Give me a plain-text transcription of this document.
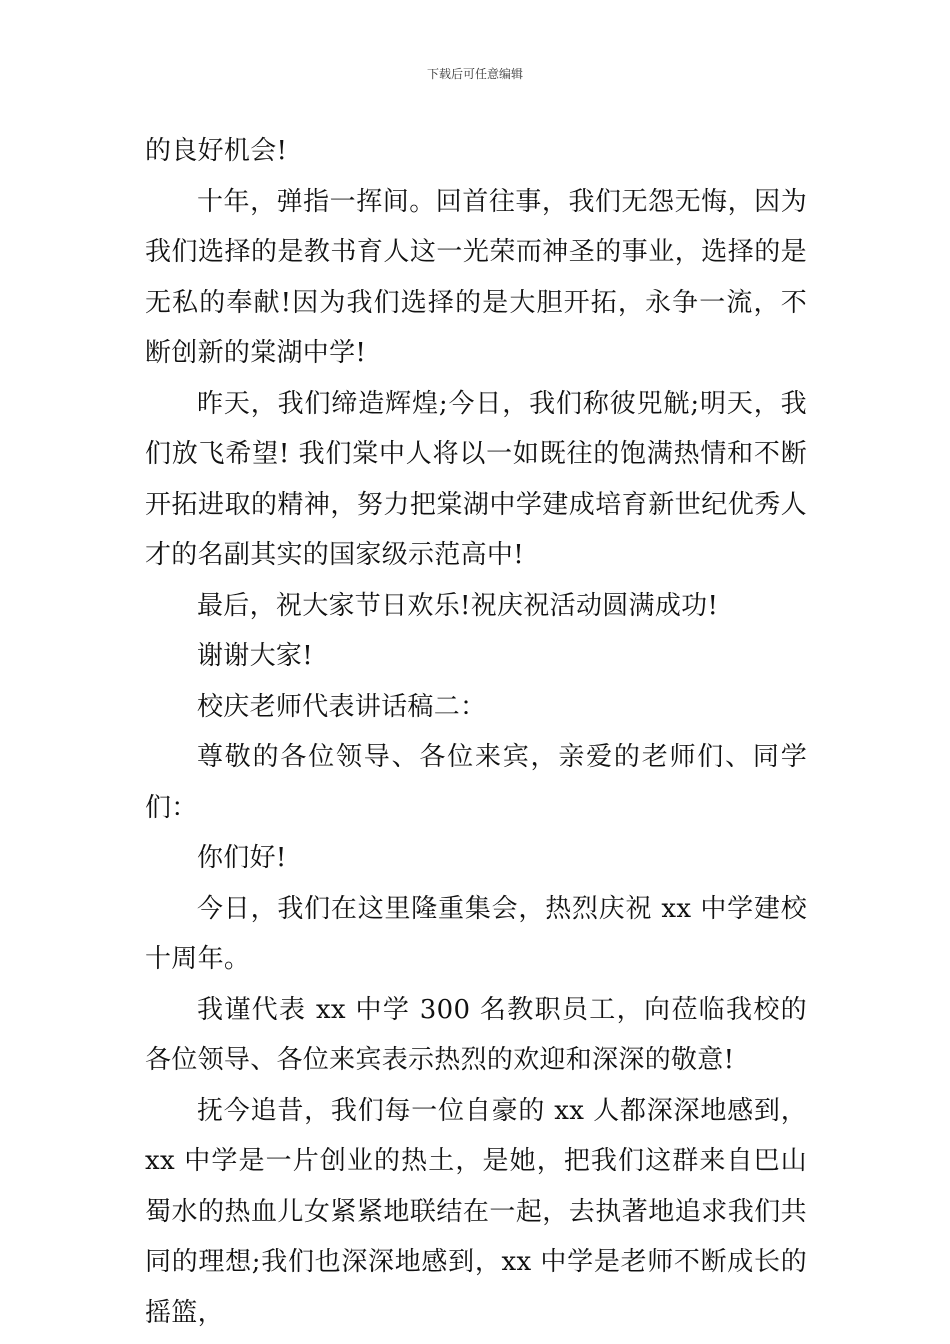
下载后可任意编辑

的良好机会!

十年，弹指一挥间。回首往事，我们无怨无悔，因为我们选择的是教书育人这一光荣而神圣的事业，选择的是无私的奉献!因为我们选择的是大胆开拓，永争一流，不断创新的棠湖中学!

昨天，我们缔造辉煌;今日，我们称彼兕觥;明天，我们放飞希望! 我们棠中人将以一如既往的饱满热情和不断开拓进取的精神，努力把棠湖中学建成培育新世纪优秀人才的名副其实的国家级示范高中!

最后，祝大家节日欢乐!祝庆祝活动圆满成功!

谢谢大家!

校庆老师代表讲话稿二：

尊敬的各位领导、各位来宾，亲爱的老师们、同学们：

你们好!

今日，我们在这里隆重集会，热烈庆祝 xx 中学建校十周年。

我谨代表 xx 中学 300 名教职员工，向莅临我校的各位领导、各位来宾表示热烈的欢迎和深深的敬意!

抚今追昔，我们每一位自豪的 xx 人都深深地感到，xx 中学是一片创业的热土，是她，把我们这群来自巴山蜀水的热血儿女紧紧地联结在一起，去执著地追求我们共同的理想;我们也深深地感到，xx 中学是老师不断成长的摇篮，
